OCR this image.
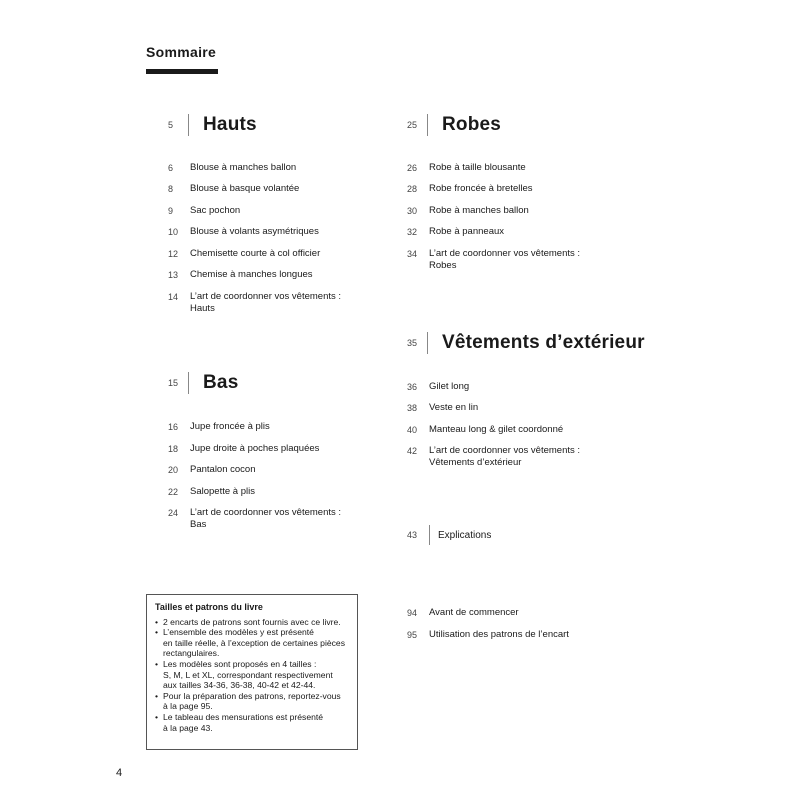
Sommaire
5	Hauts
6	Blouse à manches ballon
8	Blouse à basque volantée
9	Sac pochon
10	Blouse à volants asymétriques
12	Chemisette courte à col officier
13	Chemise à manches longues
14	L’art de coordonner vos vêtements :
Hauts
15	Bas
16	Jupe froncée à plis
18	Jupe droite à poches plaquées
20	Pantalon cocon
22	Salopette à plis
24	L’art de coordonner vos vêtements :
Bas
25	Robes
26	Robe à taille blousante
28	Robe froncée à bretelles
30	Robe à manches ballon
32	Robe à panneaux
34	L’art de coordonner vos vêtements :
Robes
35	Vêtements d’extérieur
36	Gilet long
38	Veste en lin
40	Manteau long & gilet coordonné
42	L’art de coordonner vos vêtements :
Vêtements d’extérieur
43	Explications
94	Avant de commencer
95	Utilisation des patrons de l’encart
Tailles et patrons du livre
• 2 encarts de patrons sont fournis avec ce livre.
• L’ensemble des modèles y est présenté
en taille réelle, à l’exception de certaines pièces
rectangulaires.
• Les modèles sont proposés en 4 tailles :
S, M, L et XL, correspondant respectivement
aux tailles 34-36, 36-38, 40-42 et 42-44.
• Pour la préparation des patrons, reportez-vous
à la page 95.
• Le tableau des mensurations est présenté
à la page 43.
4
